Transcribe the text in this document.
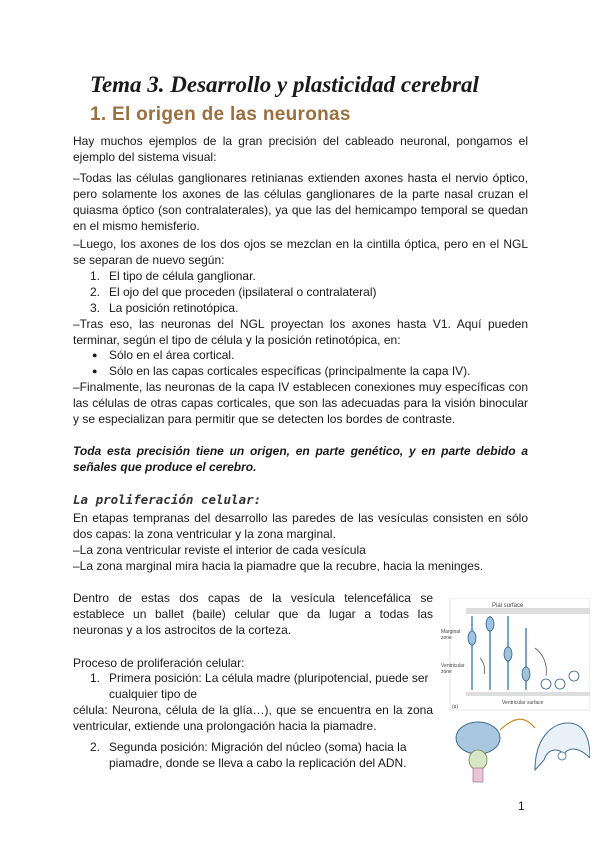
Tema 3. Desarrollo y plasticidad cerebral
1. El origen de las neuronas

Hay muchos ejemplos de la gran precisión del cableado neuronal, pongamos el ejemplo del sistema visual:

–Todas las células ganglionares retinianas extienden axones hasta el nervio óptico, pero solamente los axones de las células ganglionares de la parte nasal cruzan el quiasma óptico (son contralaterales), ya que las del hemicampo temporal se quedan en el mismo hemisferio.

–Luego, los axones de los dos ojos se mezclan en la cintilla óptica, pero en el NGL se separan de nuevo según:

1. El tipo de célula ganglionar.
2. El ojo del que proceden (ipsilateral o contralateral)
3. La posición retinotópica.

–Tras eso, las neuronas del NGL proyectan los axones hasta V1. Aquí pueden terminar, según el tipo de célula y la posición retinotópica, en:

● Sólo en el área cortical.
● Sólo en las capas corticales específicas (principalmente la capa IV).

–Finalmente, las neuronas de la capa IV establecen conexiones muy específicas con las células de otras capas corticales, que son las adecuadas para la visión binocular y se especializan para permitir que se detecten los bordes de contraste.

Toda esta precisión tiene un origen, en parte genético, y en parte debido a señales que produce el cerebro.

La proliferación celular:

En etapas tempranas del desarrollo las paredes de las vesículas consisten en sólo dos capas: la zona ventricular y la zona marginal.

–La zona ventricular reviste el interior de cada vesícula

–La zona marginal mira hacia la piamadre que la recubre, hacia la meninges.

Dentro de estas dos capas de la vesícula telencefálica se establece un ballet (baile) celular que da lugar a todas las neuronas y a los astrocitos de la corteza.

Proceso de proliferación celular:

1. Primera posición: La célula madre (pluripotencial, puede ser
cualquier tipo de

célula: Neurona, célula de la glía…), que se encuentra en la zona ventricular, extiende una prolongación hacia la piamadre.

2. Segunda posición: Migración del núcleo (soma) hacia la
piamadre, donde se lleva a cabo la replicación del ADN.
Pial surface
Marginal
zone
Ventricular
zone
Ventricular surface
(a)
1
